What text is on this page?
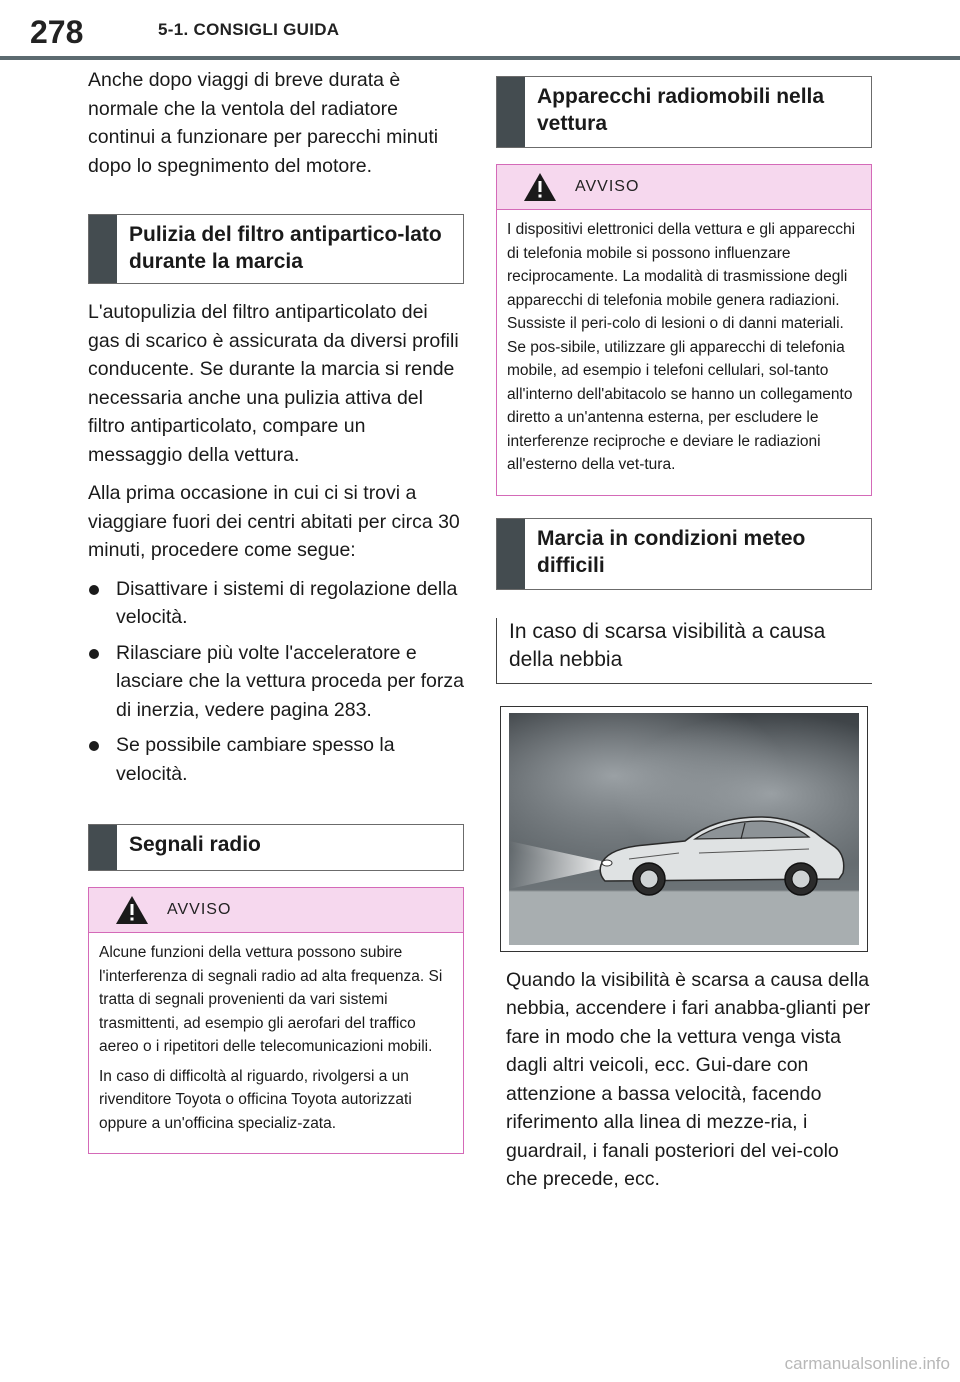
278	5-1. CONSIGLI GUIDA

Anche dopo viaggi di breve durata è normale che la ventola del radiatore continui a funzionare per parecchi minuti dopo lo spegnimento del motore.

Pulizia del filtro antipartico-lato durante la marcia

L'autopulizia del filtro antiparticolato dei gas di scarico è assicurata da diversi profili conducente. Se durante la marcia si rende necessaria anche una pulizia attiva del filtro antiparticolato, compare un messaggio della vettura.

Alla prima occasione in cui ci si trovi a viaggiare fuori dei centri abitati per circa 30 minuti, procedere come segue:

Disattivare i sistemi di regolazione della velocità.
Rilasciare più volte l'acceleratore e lasciare che la vettura proceda per forza di inerzia, vedere pagina 283.
Se possibile cambiare spesso la velocità.
Segnali radio
AVVISO

Alcune funzioni della vettura possono subire l'interferenza di segnali radio ad alta frequenza. Si tratta di segnali provenienti da vari sistemi trasmittenti, ad esempio gli aerofari del traffico aereo o i ripetitori delle telecomunicazioni mobili.

In caso di difficoltà al riguardo, rivolgersi a un rivenditore Toyota o officina Toyota autorizzati oppure a un'officina specializ-zata.

Apparecchi radiomobili nella vettura
AVVISO

I dispositivi elettronici della vettura e gli apparecchi di telefonia mobile si possono influenzare reciprocamente. La modalità di trasmissione degli apparecchi di telefonia mobile genera radiazioni. Sussiste il peri-colo di lesioni o di danni materiali. Se pos-sibile, utilizzare gli apparecchi di telefonia mobile, ad esempio i telefoni cellulari, sol-tanto all'interno dell'abitacolo se hanno un collegamento diretto a un'antenna esterna, per escludere le interferenze reciproche e deviare le radiazioni all'esterno della vet-tura.

Marcia in condizioni meteo difficili
In caso di scarsa visibilità a causa della nebbia

Quando la visibilità è scarsa a causa della nebbia, accendere i fari anabba-glianti per fare in modo che la vettura venga vista dagli altri veicoli, ecc. Gui-dare con attenzione a bassa velocità, facendo riferimento alla linea di mezze-ria, i guardrail, i fanali posteriori del vei-colo che precede, ecc.

carmanualsonline.info
